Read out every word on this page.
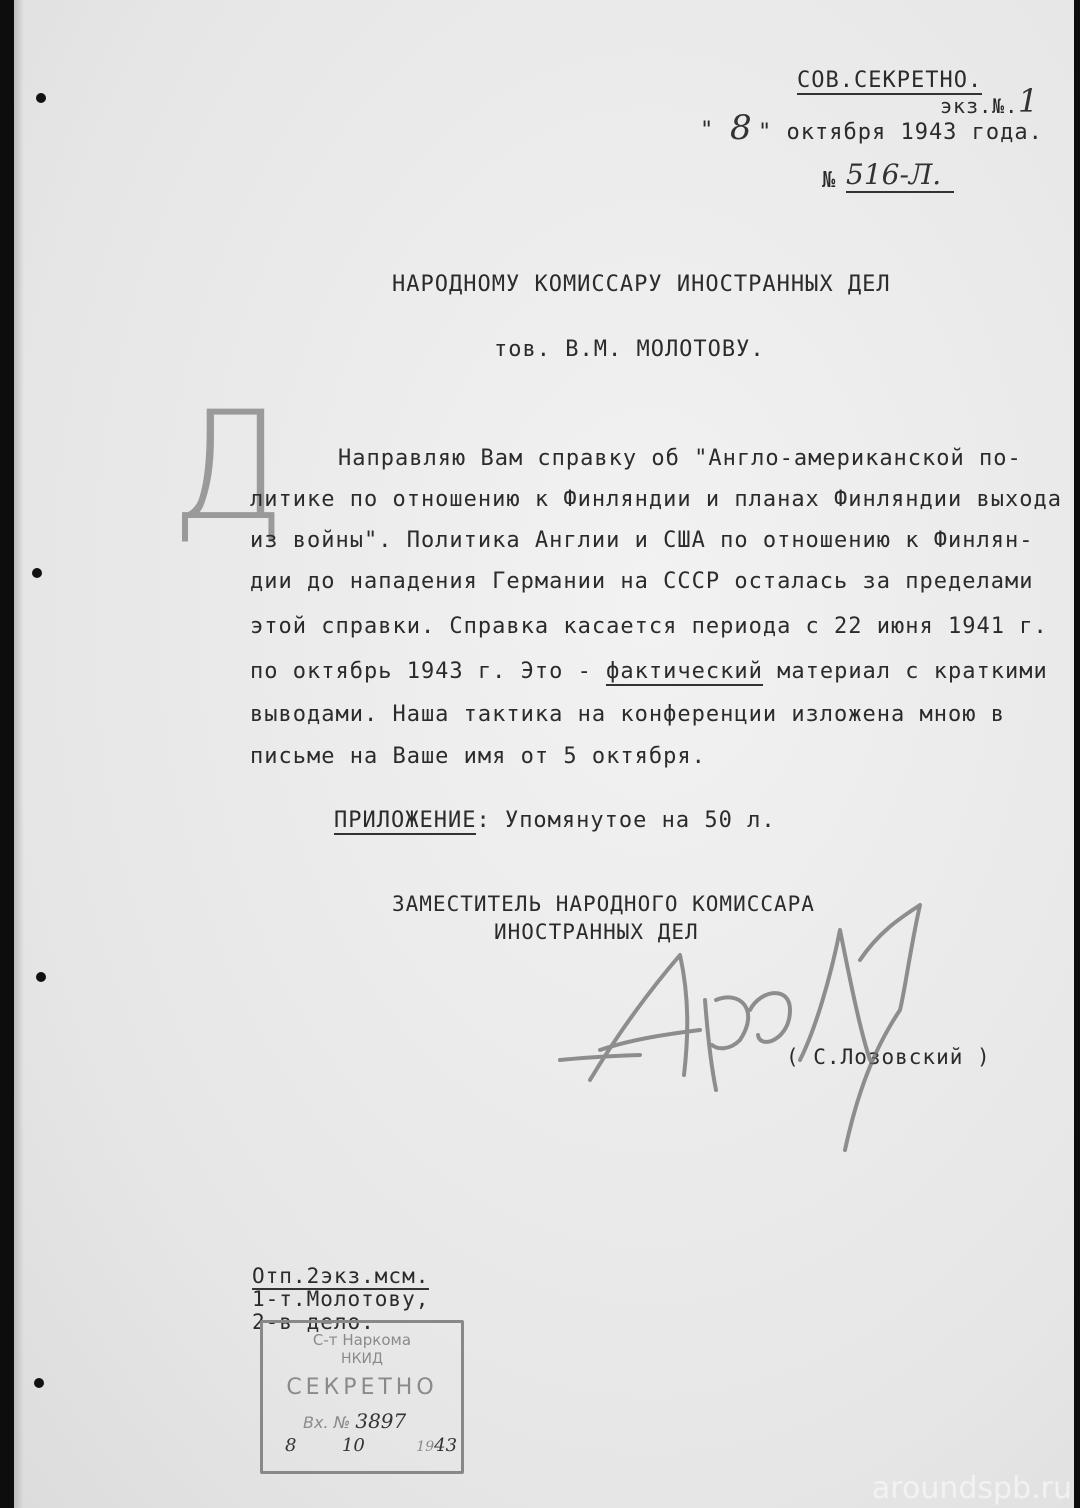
СОВ.СЕКРЕТНО.
экз.№. 1
" 8 " октября 1943 года.
№ 516-Л.
НАРОДНОМУ КОМИССАРУ ИНОСТРАННЫХ ДЕЛ
тов. В.М. МОЛОТОВУ.
Д Направляю Вам справку об "Англо-американской по-
литике по отношению к Финляндии и планах Финляндии выхода
из войны". Политика Англии и США по отношению к Финлян-
дии до нападения Германии на СССР осталась за пределами
этой справки. Справка касается периода с 22 июня 1941 г.
по октябрь 1943 г. Это - фактический материал с краткими
выводами. Наша тактика на конференции изложена мною в
письме на Ваше имя от 5 октября.
ПРИЛОЖЕНИЕ: Упомянутое на 50 л.
ЗАМЕСТИТЕЛЬ НАРОДНОГО КОМИССАРА
ИНОСТРАННЫХ ДЕЛ
( С.Лозовский )
Отп.2экз.мсм.
1-т.Молотову,
2-в дело.
С-т Наркома
НКИД
СЕКРЕТНО
Вх. № 3897
8	10	1943
aroundspb.ru
